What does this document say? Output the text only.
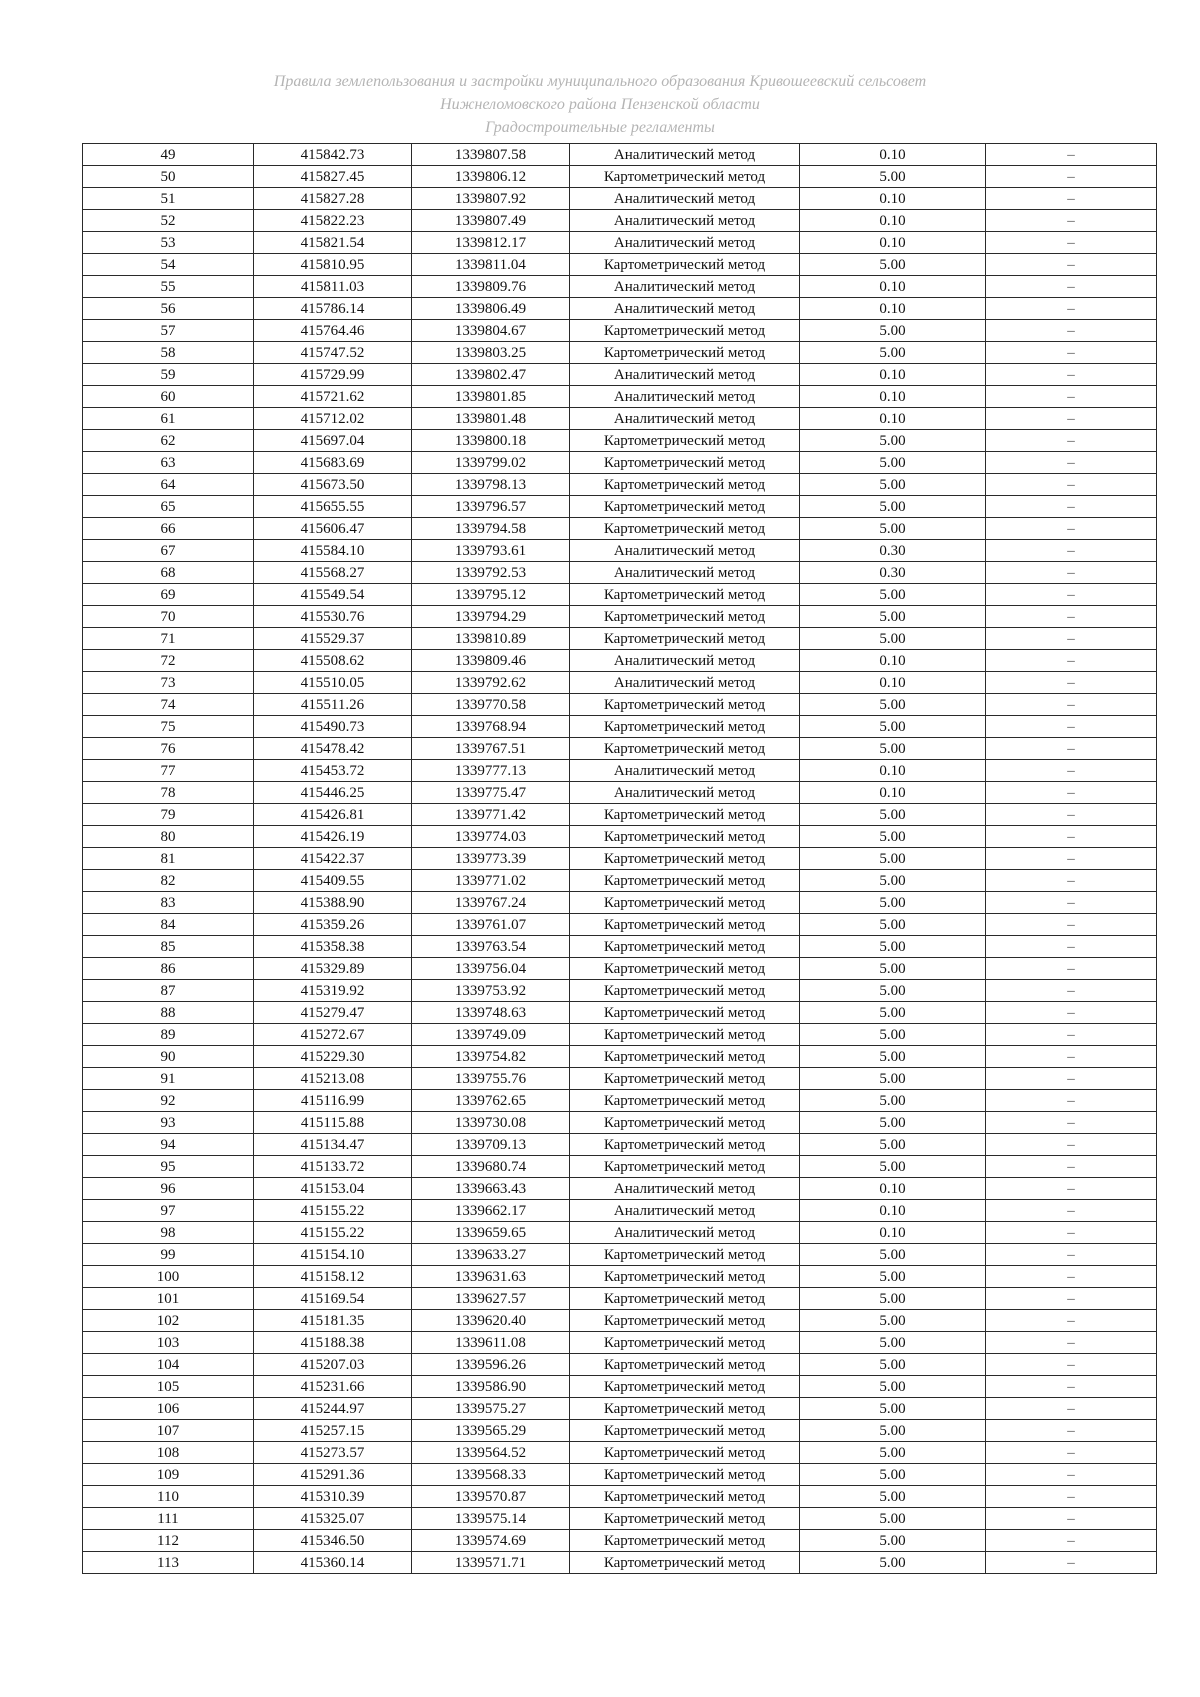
Правила землепользования и застройки муниципального образования Кривошеевский сельсовет
Нижнеломовского района Пензенской области
Градостроительные регламенты
49	415842.73	1339807.58	Аналитический метод	0.10	–
50	415827.45	1339806.12	Картометрический метод	5.00	–
51	415827.28	1339807.92	Аналитический метод	0.10	–
52	415822.23	1339807.49	Аналитический метод	0.10	–
53	415821.54	1339812.17	Аналитический метод	0.10	–
54	415810.95	1339811.04	Картометрический метод	5.00	–
55	415811.03	1339809.76	Аналитический метод	0.10	–
56	415786.14	1339806.49	Аналитический метод	0.10	–
57	415764.46	1339804.67	Картометрический метод	5.00	–
58	415747.52	1339803.25	Картометрический метод	5.00	–
59	415729.99	1339802.47	Аналитический метод	0.10	–
60	415721.62	1339801.85	Аналитический метод	0.10	–
61	415712.02	1339801.48	Аналитический метод	0.10	–
62	415697.04	1339800.18	Картометрический метод	5.00	–
63	415683.69	1339799.02	Картометрический метод	5.00	–
64	415673.50	1339798.13	Картометрический метод	5.00	–
65	415655.55	1339796.57	Картометрический метод	5.00	–
66	415606.47	1339794.58	Картометрический метод	5.00	–
67	415584.10	1339793.61	Аналитический метод	0.30	–
68	415568.27	1339792.53	Аналитический метод	0.30	–
69	415549.54	1339795.12	Картометрический метод	5.00	–
70	415530.76	1339794.29	Картометрический метод	5.00	–
71	415529.37	1339810.89	Картометрический метод	5.00	–
72	415508.62	1339809.46	Аналитический метод	0.10	–
73	415510.05	1339792.62	Аналитический метод	0.10	–
74	415511.26	1339770.58	Картометрический метод	5.00	–
75	415490.73	1339768.94	Картометрический метод	5.00	–
76	415478.42	1339767.51	Картометрический метод	5.00	–
77	415453.72	1339777.13	Аналитический метод	0.10	–
78	415446.25	1339775.47	Аналитический метод	0.10	–
79	415426.81	1339771.42	Картометрический метод	5.00	–
80	415426.19	1339774.03	Картометрический метод	5.00	–
81	415422.37	1339773.39	Картометрический метод	5.00	–
82	415409.55	1339771.02	Картометрический метод	5.00	–
83	415388.90	1339767.24	Картометрический метод	5.00	–
84	415359.26	1339761.07	Картометрический метод	5.00	–
85	415358.38	1339763.54	Картометрический метод	5.00	–
86	415329.89	1339756.04	Картометрический метод	5.00	–
87	415319.92	1339753.92	Картометрический метод	5.00	–
88	415279.47	1339748.63	Картометрический метод	5.00	–
89	415272.67	1339749.09	Картометрический метод	5.00	–
90	415229.30	1339754.82	Картометрический метод	5.00	–
91	415213.08	1339755.76	Картометрический метод	5.00	–
92	415116.99	1339762.65	Картометрический метод	5.00	–
93	415115.88	1339730.08	Картометрический метод	5.00	–
94	415134.47	1339709.13	Картометрический метод	5.00	–
95	415133.72	1339680.74	Картометрический метод	5.00	–
96	415153.04	1339663.43	Аналитический метод	0.10	–
97	415155.22	1339662.17	Аналитический метод	0.10	–
98	415155.22	1339659.65	Аналитический метод	0.10	–
99	415154.10	1339633.27	Картометрический метод	5.00	–
100	415158.12	1339631.63	Картометрический метод	5.00	–
101	415169.54	1339627.57	Картометрический метод	5.00	–
102	415181.35	1339620.40	Картометрический метод	5.00	–
103	415188.38	1339611.08	Картометрический метод	5.00	–
104	415207.03	1339596.26	Картометрический метод	5.00	–
105	415231.66	1339586.90	Картометрический метод	5.00	–
106	415244.97	1339575.27	Картометрический метод	5.00	–
107	415257.15	1339565.29	Картометрический метод	5.00	–
108	415273.57	1339564.52	Картометрический метод	5.00	–
109	415291.36	1339568.33	Картометрический метод	5.00	–
110	415310.39	1339570.87	Картометрический метод	5.00	–
111	415325.07	1339575.14	Картометрический метод	5.00	–
112	415346.50	1339574.69	Картометрический метод	5.00	–
113	415360.14	1339571.71	Картометрический метод	5.00	–
